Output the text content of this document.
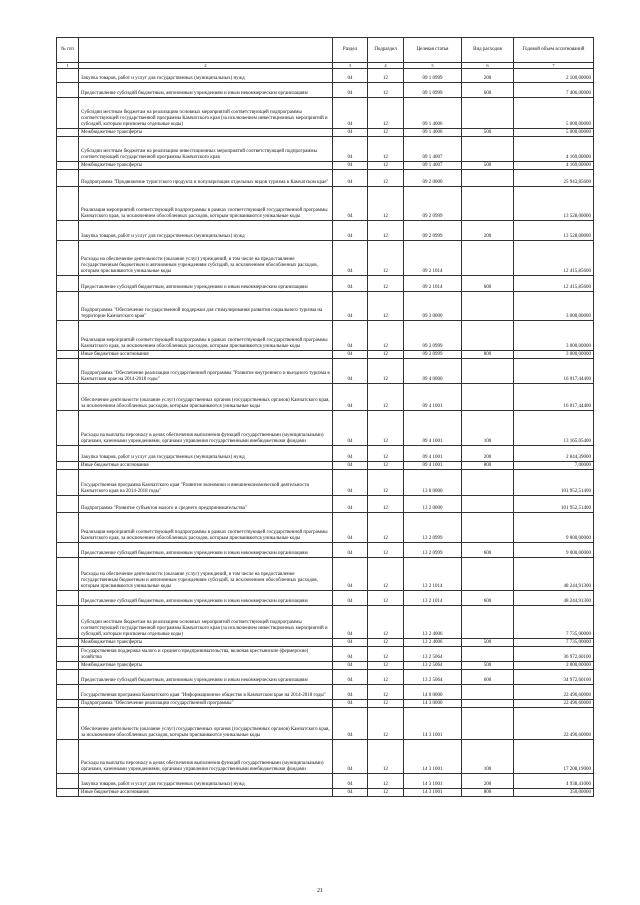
№ п/п		Раздел	Подраздел	Целевая статья	Вид расходов	Годовой объем ассигнований
1	2	3	4	5	6	7
	Закупка товаров, работ и услуг для государственных (муниципальных) нужд	04	12	09 1 0999	200	2 100,00000
	Предоставление субсидий бюджетным, автономным учреждениям и иным некоммерческим организациям	04	12	09 1 0999	600	7 406,00000
	Субсидии местным бюджетам на реализацию основных мероприятий соответствующей подпрограммы соответствующей государственной программы Камчатского края (за исключением инвестиционных мероприятий и субсидий, которым присвоены отдельные коды)	04	12	09 1 4006		5 000,00000
	Межбюджетные трансферты	04	12	09 1 4006	500	5 000,00000
	Субсидии местным бюджетам на реализацию инвестиционных мероприятий соответствующей подпрограммы соответствующей государственной программы Камчатского края	04	12	09 1 4007		4 169,00000
	Межбюджетные трансферты	04	12	09 1 4007	500	4 169,00000
	Подпрограмма "Продвижение туристского продукта и популяризация отдельных видов туризма в Камчатском крае"	04	12	09 2 0000		25 943,85600
	Реализация мероприятий соответствующей подпрограммы в рамках соответствующей государственной программы Камчатского края, за исключением обособленных расходов, которым присваиваются уникальные коды	04	12	09 2 0999		13 528,00000
	Закупка товаров, работ и услуг для государственных (муниципальных) нужд	04	12	09 2 0999	200	13 528,00000
	Расходы на обеспечение деятельности (оказание услуг) учреждений, в том числе на предоставление государственным бюджетным и автономным учреждениям субсидий, за исключением обособленных расходов, которым присваиваются уникальные коды	04	12	09 2 1014		12 415,85600
	Предоставление субсидий бюджетным, автономным учреждениям и иным некоммерческим организациям	04	12	09 2 1014	600	12 415,85600
	Подпрограмма "Обеспечение государственной поддержки для стимулирования развития социального туризма на территории Камчатского края"	04	12	09 3 0000		3 000,00000
	Реализация мероприятий соответствующей подпрограммы в рамках соответствующей государственной программы Камчатского края, за исключением обособленных расходов, которым присваиваются уникальные коды	04	12	09 3 0999		3 000,00000
	Иные бюджетные ассигнования	04	12	09 3 0999	800	3 000,00000
	Подпрограмма "Обеспечение реализации государственной программы "Развитие внутреннего и въездного туризма в Камчатском крае на 2014-2018 годы"	04	12	09 4 0000		16 017,44400
	Обеспечение деятельности (оказание услуг) государственных органов (государственных органов) Камчатского края, за исключением обособленных расходов, которым присваиваются уникальные коды	04	12	09 4 1001		16 017,44400
	Расходы на выплаты персоналу в целях обеспечения выполнения функций государственными (муниципальными) органами, казенными учреждениями, органами управления государственными внебюджетными фондами	04	12	09 4 1001	100	13 165,05400
	Закупка товаров, работ и услуг для государственных (муниципальных) нужд	04	12	09 4 1001	200	2 844,39000
	Иные бюджетные ассигнования	04	12	09 4 1001	800	7,00000
	Государственная программа Камчатского края "Развитие экономики и внешнеэкономической деятельности Камчатского края на 2014-2018 годы"	04	12	13 0 0000		101 952,51400
	Подпрограмма "Развитие субъектов малого и среднего предпринимательства"	04	12	13 2 0000		101 952,51400
	Реализация мероприятий соответствующей подпрограммы в рамках соответствующей государственной программы Камчатского края, за исключением обособленных расходов, которым присваиваются уникальные коды	04	12	13 2 0999		9 000,00000
	Предоставление субсидий бюджетным, автономным учреждениям и иным некоммерческим организациям	04	12	13 2 0999	600	9 000,00000
	Расходы на обеспечение деятельности (оказание услуг) учреждений, в том числе на предоставление государственным бюджетным и автономным учреждениям субсидий, за исключением обособленных расходов, которым присваиваются уникальные коды	04	12	13 2 1014		48 244,91300
	Предоставление субсидий бюджетным, автономным учреждениям и иным некоммерческим организациям	04	12	13 2 1014	600	48 244,91300
	Субсидии местным бюджетам на реализацию основных мероприятий соответствующей подпрограммы соответствующей государственной программы Камчатского края (за исключением инвестиционных мероприятий и субсидий, которым присвоены отдельные коды)	04	12	13 2 4006		7 735,00000
	Межбюджетные трансферты	04	12	13 2 4006	500	7 735,00000
	Государственная поддержка малого и среднего предпринимательства, включая крестьянские (фермерские) хозяйства	04	12	13 2 5064		36 972,60100
	Межбюджетные трансферты	04	12	13 2 5064	500	2 000,00000
	Предоставление субсидий бюджетным, автономным учреждениям и иным некоммерческим организациям	04	12	13 2 5064	600	34 972,60100
	Государственная программа Камчатского края "Информационное общество в Камчатском крае на 2014-2018 годы"	04	12	14 0 0000		22 496,60000
	Подпрограмма "Обеспечение реализации государственной программы"	04	12	14 3 0000		22 496,60000
	Обеспечение деятельности (оказание услуг) государственных органов (государственных органов) Камчатского края, за исключением обособленных расходов, которым присваиваются уникальные коды	04	12	14 3 1001		22 496,60000
	Расходы на выплаты персоналу в целях обеспечения выполнения функций государственными (муниципальными) органами, казенными учреждениями, органами управления государственными внебюджетными фондами	04	12	14 3 1001	100	17 208,19000
	Закупка товаров, работ и услуг для государственных (муниципальных) нужд	04	12	14 3 1001	200	4 938,41000
	Иные бюджетные ассигнования	04	12	14 3 1001	800	350,00000
21
